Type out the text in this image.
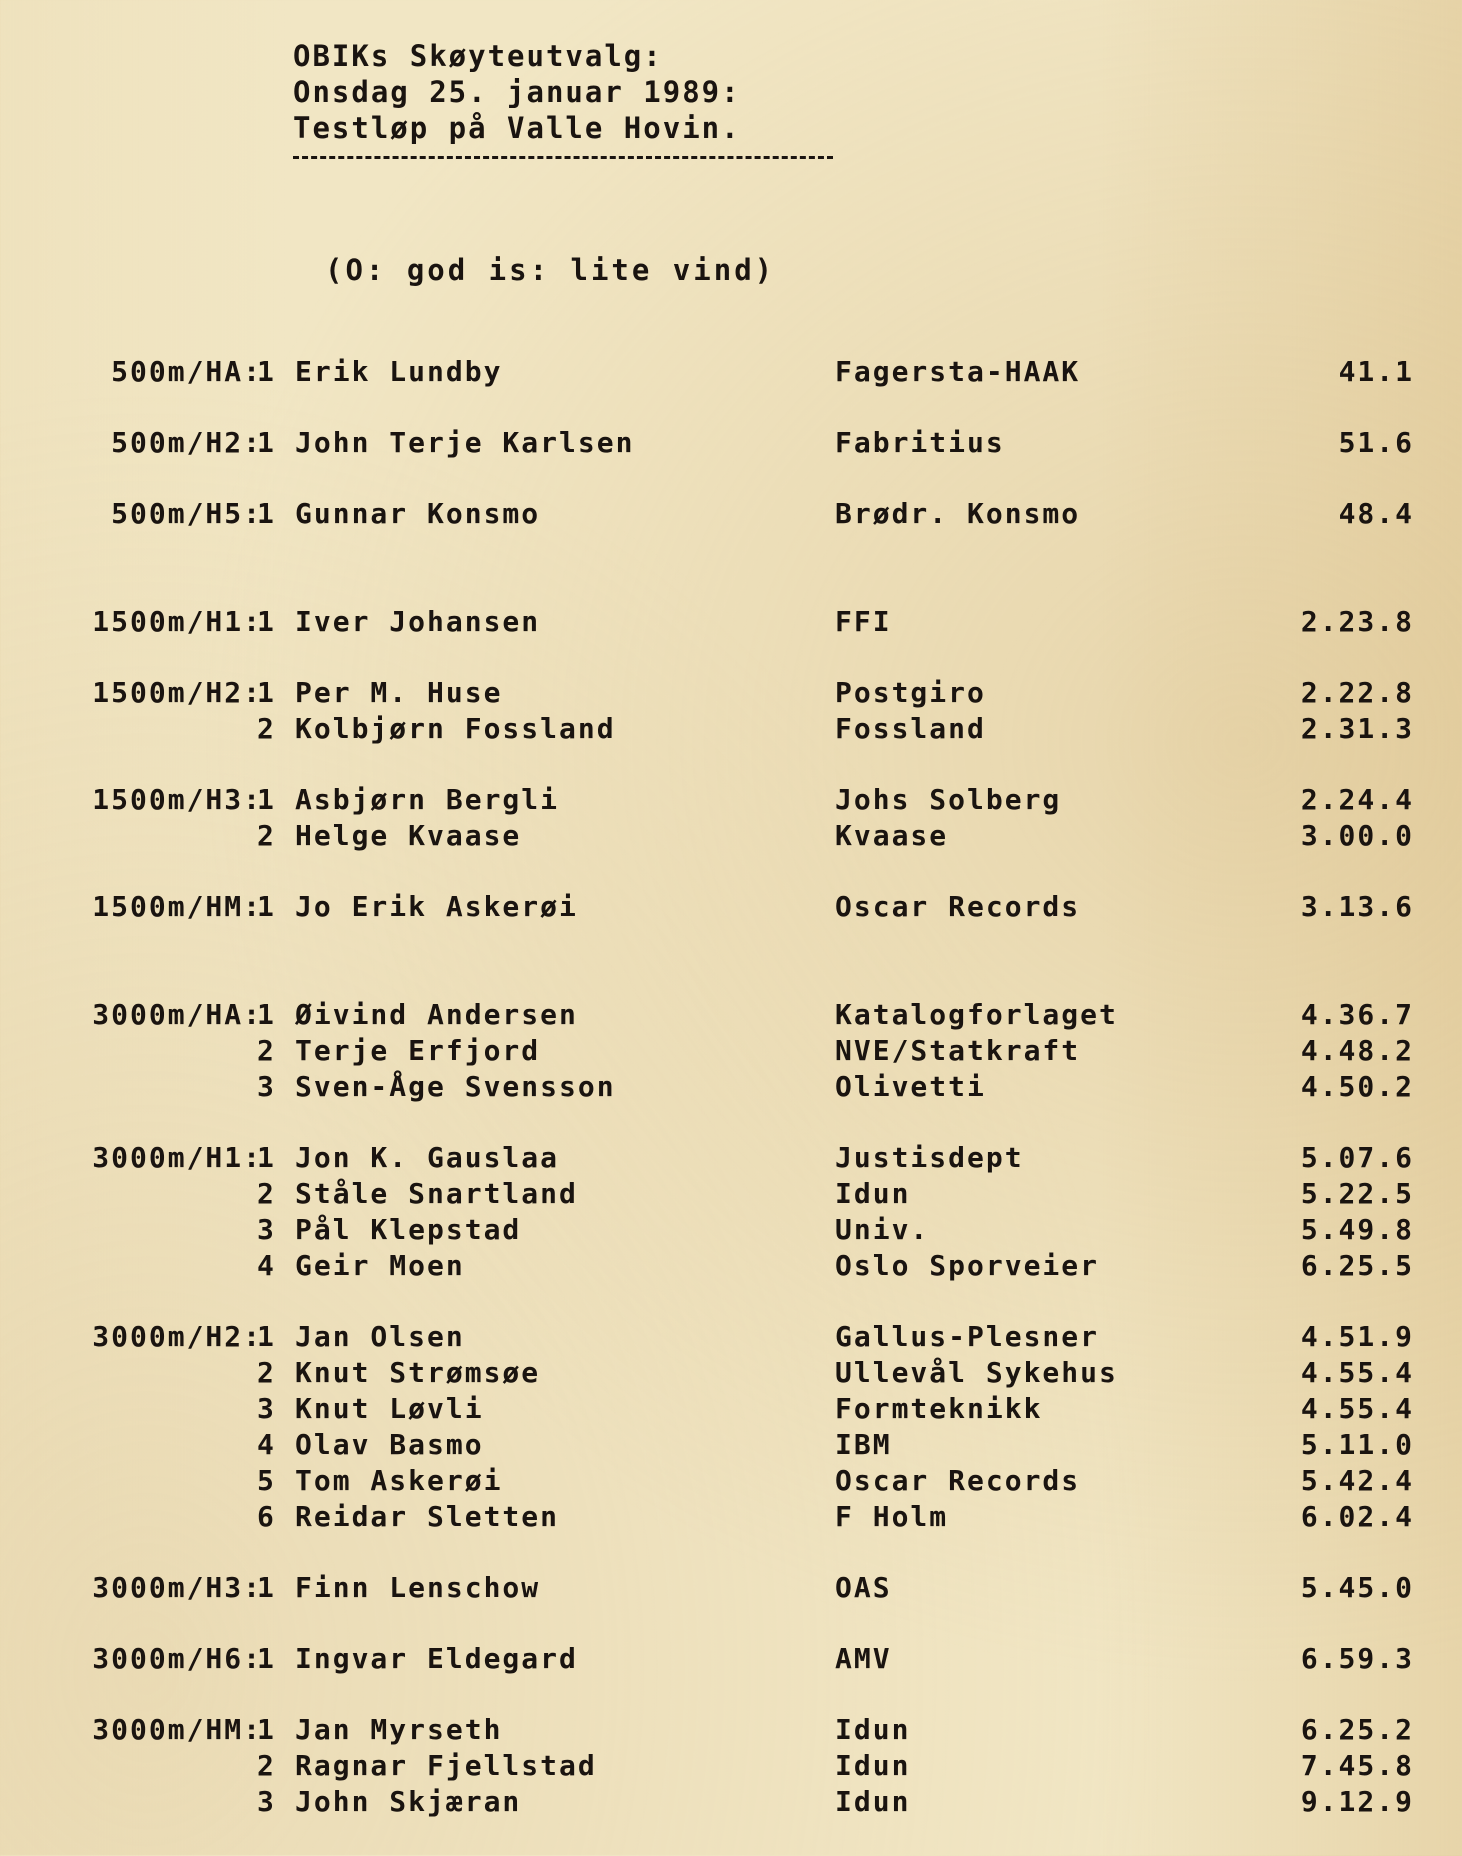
OBIKs Skøyteutvalg:
Onsdag 25. januar 1989:
Testløp på Valle Hovin.
(O: god is: lite vind)
500m/HA:
1 Erik Lundby	Fagersta-HAAK	41.1
500m/H2:
1 John Terje Karlsen	Fabritius	51.6
500m/H5:
1 Gunnar Konsmo	Brødr. Konsmo	48.4
1500m/H1:
1 Iver Johansen	FFI	2.23.8
1500m/H2:
1 Per M. Huse	Postgiro	2.22.8
2 Kolbjørn Fossland	Fossland	2.31.3
1500m/H3:
1 Asbjørn Bergli	Johs Solberg	2.24.4
2 Helge Kvaase	Kvaase	3.00.0
1500m/HM:
1 Jo Erik Askerøi	Oscar Records	3.13.6
3000m/HA:
1 Øivind Andersen	Katalogforlaget	4.36.7
2 Terje Erfjord	NVE/Statkraft	4.48.2
3 Sven-Åge Svensson	Olivetti	4.50.2
3000m/H1:
1 Jon K. Gauslaa	Justisdept	5.07.6
2 Ståle Snartland	Idun	5.22.5
3 Pål Klepstad	Univ.	5.49.8
4 Geir Moen	Oslo Sporveier	6.25.5
3000m/H2:
1 Jan Olsen	Gallus-Plesner	4.51.9
2 Knut Strømsøe	Ullevål Sykehus	4.55.4
3 Knut Løvli	Formteknikk	4.55.4
4 Olav Basmo	IBM	5.11.0
5 Tom Askerøi	Oscar Records	5.42.4
6 Reidar Sletten	F Holm	6.02.4
3000m/H3:
1 Finn Lenschow	OAS	5.45.0
3000m/H6:
1 Ingvar Eldegard	AMV	6.59.3
3000m/HM:
1 Jan Myrseth	Idun	6.25.2
2 Ragnar Fjellstad	Idun	7.45.8
3 John Skjæran	Idun	9.12.9
